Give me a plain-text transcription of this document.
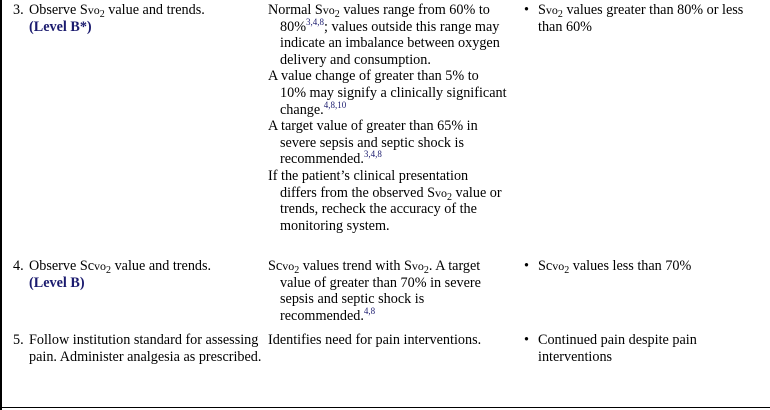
3. Observe Svo$_2$ value and trends.
(Level B*)

Normal Svo$_2$ values range from 60% to 80%$^{3,4,8}$; values outside this range may indicate an imbalance between oxygen delivery and consumption.

A value change of greater than 5% to 10% may signify a clinically significant change.$^{4,8,10}$

A target value of greater than 65% in severe sepsis and septic shock is recommended.$^{3,4,8}$

If the patient’s clinical presentation differs from the observed Svo$_2$ value or trends, recheck the accuracy of the monitoring system.

• Svo$_2$ values greater than 80% or less than 60%
4. Observe Scvo$_2$ value and trends.
(Level B)

Scvo$_2$ values trend with Svo$_2$. A target value of greater than 70% in severe sepsis and septic shock is recommended.$^{4,8}$

• Scvo$_2$ values less than 70%
5. Follow institution standard for assessing pain. Administer analgesia as prescribed.

Identifies need for pain interventions.	• Continued pain despite pain interventions
